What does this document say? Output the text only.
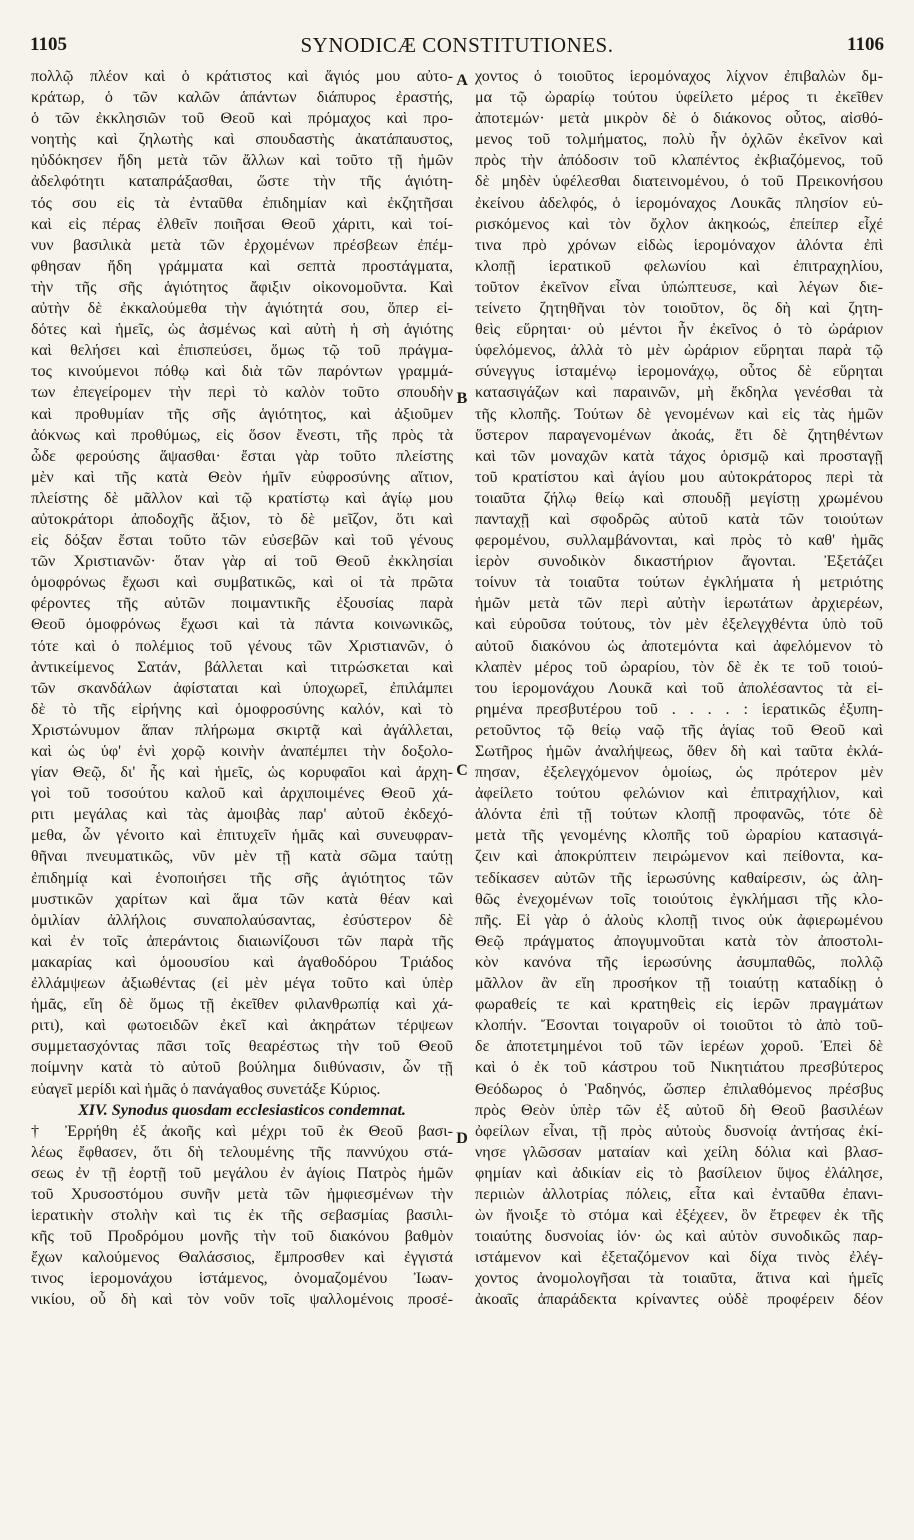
1105	SYNODICÆ CONSTITUTIONES.	1106
πολλῷ πλέον καὶ ὁ κράτιστος καὶ ἅγιός μου αὐτο-
κράτωρ, ὁ τῶν καλῶν ἁπάντων διάπυρος ἐραστής,
ὁ τῶν ἐκκλησιῶν τοῦ Θεοῦ καὶ πρόμαχος καὶ προ-
νοητὴς καὶ ζηλωτὴς καὶ σπουδαστὴς ἀκατάπαυστος,
ηὐδόκησεν ἤδη μετὰ τῶν ἄλλων καὶ τοῦτο τῇ ἡμῶν
ἀδελφότητι καταπράξασθαι, ὥστε τὴν τῆς ἁγιότη-
τός σου εἰς τὰ ἐνταῦθα ἐπιδημίαν καὶ ἐκζητῆσαι
καὶ εἰς πέρας ἐλθεῖν ποιῆσαι Θεοῦ χάριτι, καὶ τοί-
νυν βασιλικὰ μετὰ τῶν ἐρχομένων πρέσβεων ἐπέμ-
φθησαν ἤδη γράμματα καὶ σεπτὰ προστάγματα,
τὴν τῆς σῆς ἁγιότητος ἄφιξιν οἰκονομοῦντα. Καὶ
αὐτὴν δὲ ἐκκαλούμεθα τὴν ἁγιότητά σου, ὅπερ εἰ-
δότες καὶ ἡμεῖς, ὡς ἀσμένως καὶ αὐτὴ ἡ σὴ ἁγιότης
καὶ θελήσει καὶ ἐπισπεύσει, ὅμως τῷ τοῦ πράγμα-
τος κινούμενοι πόθῳ καὶ διὰ τῶν παρόντων γραμμά-
των ἐπεγείρομεν τὴν περὶ τὸ καλὸν τοῦτο σπουδὴν
καὶ προθυμίαν τῆς σῆς ἁγιότητος, καὶ ἀξιοῦμεν
ἀόκνως καὶ προθύμως, εἰς ὅσον ἔνεστι, τῆς πρὸς τὰ
ὧδε φερούσης ἅψασθαι· ἔσται γὰρ τοῦτο πλείστης
μὲν καὶ τῆς κατὰ Θεὸν ἡμῖν εὐφροσύνης αἴτιον,
πλείστης δὲ μᾶλλον καὶ τῷ κρατίστῳ καὶ ἁγίῳ μου
αὐτοκράτορι ἀποδοχῆς ἄξιον, τὸ δὲ μεῖζον, ὅτι καὶ
εἰς δόξαν ἔσται τοῦτο τῶν εὐσεβῶν καὶ τοῦ γένους
τῶν Χριστιανῶν· ὅταν γὰρ αἱ τοῦ Θεοῦ ἐκκλησίαι
ὁμοφρόνως ἔχωσι καὶ συμβατικῶς, καὶ οἱ τὰ πρῶτα
φέροντες τῆς αὐτῶν ποιμαντικῆς ἐξουσίας παρὰ
Θεοῦ ὁμοφρόνως ἔχωσι καὶ τὰ πάντα κοινωνικῶς,
τότε καὶ ὁ πολέμιος τοῦ γένους τῶν Χριστιανῶν, ὁ
ἀντικείμενος Σατάν, βάλλεται καὶ τιτρώσκεται καὶ
τῶν σκανδάλων ἀφίσταται καὶ ὑποχωρεῖ, ἐπιλάμπει
δὲ τὸ τῆς εἰρήνης καὶ ὁμοφροσύνης καλόν, καὶ τὸ
Χριστώνυμον ἅπαν πλήρωμα σκιρτᾷ καὶ ἀγάλλεται,
καὶ ὡς ὑφ' ἑνὶ χορῷ κοινὴν ἀναπέμπει τὴν δοξολο-
γίαν Θεῷ, δι' ἧς καὶ ἡμεῖς, ὡς κορυφαῖοι καὶ ἀρχη-
γοὶ τοῦ τοσούτου καλοῦ καὶ ἀρχιποιμένες Θεοῦ χά-
ριτι μεγάλας καὶ τὰς ἀμοιβὰς παρ' αὐτοῦ ἐκδεχό-
μεθα, ὧν γένοιτο καὶ ἐπιτυχεῖν ἡμᾶς καὶ συνευφραν-
θῆναι πνευματικῶς, νῦν μὲν τῇ κατὰ σῶμα ταύτῃ
ἐπιδημίᾳ καὶ ἑνοποιήσει τῆς σῆς ἁγιότητος τῶν
μυστικῶν χαρίτων καὶ ἅμα τῶν κατὰ θέαν καὶ
ὁμιλίαν ἀλλήλοις συναπολαύσαντας, ἐσύστερον δὲ
καὶ ἐν τοῖς ἀπεράντοις διαιωνίζουσι τῶν παρὰ τῆς
μακαρίας καὶ ὁμοουσίου καὶ ἀγαθοδόρου Τριάδος
ἐλλάμψεων ἀξιωθέντας (εἰ μὲν μέγα τοῦτο καὶ ὑπὲρ
ἡμᾶς, εἴη δὲ ὅμως τῇ ἐκεῖθεν φιλανθρωπίᾳ καὶ χά-
ριτι), καὶ φωτοειδῶν ἐκεῖ καὶ ἀκηράτων τέρψεων
συμμετασχόντας πᾶσι τοῖς θεαρέστως τὴν τοῦ Θεοῦ
ποίμνην κατὰ τὸ αὐτοῦ βούλημα διιθύνασιν, ὧν τῇ
εὐαγεῖ μερίδι καὶ ἡμᾶς ὁ πανάγαθος συνετάξε Κύριος.
XIV. Synodus quosdam ecclesiasticos condemnat.
† Ἐρρήθη ἐξ ἀκοῆς καὶ μέχρι τοῦ ἐκ Θεοῦ βασι-
λέως ἔφθασεν, ὅτι δὴ τελουμένης τῆς παννύχου στά-
σεως ἐν τῇ ἑορτῇ τοῦ μεγάλου ἐν ἁγίοις Πατρὸς ἡμῶν
τοῦ Χρυσοστόμου συνῆν μετὰ τῶν ἠμφιεσμένων τὴν
ἱερατικὴν στολὴν καὶ τις ἐκ τῆς σεβασμίας βασιλι-
κῆς τοῦ Προδρόμου μονῆς τὴν τοῦ διακόνου βαθμὸν
ἔχων καλούμενος Θαλάσσιος, ἔμπροσθεν καὶ ἐγγιστά
τινος ἱερομονάχου ἱστάμενος, ὀνομαζομένου Ἰωαν-
νικίου, οὗ δὴ καὶ τὸν νοῦν τοῖς ψαλλομένοις προσέ-
A
B
C
D
χοντος ὁ τοιοῦτος ἱερομόναχος λίχνον ἐπιβαλὼν δμ-
μα τῷ ὠραρίῳ τούτου ὑφείλετο μέρος τι ἐκεῖθεν
ἀποτεμών· μετὰ μικρὸν δὲ ὁ διάκονος οὗτος, αἰσθό-
μενος τοῦ τολμήματος, πολὺ ἦν ὀχλῶν ἐκεῖνον καὶ
πρὸς τὴν ἀπόδοσιν τοῦ κλαπέντος ἐκβιαζόμενος, τοῦ
δὲ μηδὲν ὑφέλεσθαι διατεινομένου, ὁ τοῦ Πρεικονήσου
ἐκείνου ἀδελφός, ὁ ἱερομόναχος Λουκᾶς πλησίον εὑ-
ρισκόμενος καὶ τὸν ὄχλον ἀκηκοώς, ἐπείπερ εἶχέ
τινα πρὸ χρόνων εἰδὼς ἱερομόναχον ἁλόντα ἐπὶ
κλοπῇ ἱερατικοῦ φελωνίου καὶ ἐπιτραχηλίου,
τοῦτον ἐκεῖνον εἶναι ὑπώπτευσε, καὶ λέγων διε-
τείνετο ζητηθῆναι τὸν τοιοῦτον, ὃς δὴ καὶ ζητη-
θεὶς εὕρηται· οὐ μέντοι ἦν ἐκεῖνος ὁ τὸ ὠράριον
ὑφελόμενος, ἀλλὰ τὸ μὲν ὠράριον εὕρηται παρὰ τῷ
σύνεγγυς ἱσταμένῳ ἱερομονάχῳ, οὗτος δὲ εὕρηται
κατασιγάζων καὶ παραινῶν, μὴ ἔκδηλα γενέσθαι τὰ
τῆς κλοπῆς. Τούτων δὲ γενομένων καὶ εἰς τὰς ἡμῶν
ὕστερον παραγενομένων ἀκοάς, ἔτι δὲ ζητηθέντων
καὶ τῶν μοναχῶν κατὰ τάχος ὁρισμῷ καὶ προσταγῇ
τοῦ κρατίστου καὶ ἁγίου μου αὐτοκράτορος περὶ τὰ
τοιαῦτα ζήλῳ θείῳ καὶ σπουδῇ μεγίστῃ χρωμένου
πανταχῇ καὶ σφοδρῶς αὐτοῦ κατὰ τῶν τοιούτων
φερομένου, συλλαμβάνονται, καὶ πρὸς τὸ καθ' ἡμᾶς
ἱερὸν συνοδικὸν δικαστήριον ἄγονται. Ἐξετάζει
τοίνυν τὰ τοιαῦτα τούτων ἐγκλήματα ἡ μετριότης
ἡμῶν μετὰ τῶν περὶ αὐτὴν ἱερωτάτων ἀρχιερέων,
καὶ εὑροῦσα τούτους, τὸν μὲν ἐξελεγχθέντα ὑπὸ τοῦ
αὐτοῦ διακόνου ὡς ἀποτεμόντα καὶ ἀφελόμενον τὸ
κλαπὲν μέρος τοῦ ὠραρίου, τὸν δὲ ἐκ τε τοῦ τοιού-
του ἱερομονάχου Λουκᾶ καὶ τοῦ ἀπολέσαντος τὰ εἰ-
ρημένα πρεσβυτέρου τοῦ . . . . : ἱερατικῶς ἐξυπη-
ρετοῦντος τῷ θείῳ ναῷ τῆς ἁγίας τοῦ Θεοῦ καὶ
Σωτῆρος ἡμῶν ἀναλήψεως, ὅθεν δὴ καὶ ταῦτα ἐκλά-
πησαν, ἐξελεγχόμενον ὁμοίως, ὡς πρότερον μὲν
ἀφείλετο τούτου φελώνιον καὶ ἐπιτραχήλιον, καὶ
ἁλόντα ἐπὶ τῇ τούτων κλοπῇ προφανῶς, τότε δὲ
μετὰ τῆς γενομένης κλοπῆς τοῦ ὠραρίου κατασιγά-
ζειν καὶ ἀποκρύπτειν πειρώμενον καὶ πείθοντα, κα-
τεδίκασεν αὐτῶν τῆς ἱερωσύνης καθαίρεσιν, ὡς ἀλη-
θῶς ἐνεχομένων τοῖς τοιούτοις ἐγκλήμασι τῆς κλο-
πῆς. Εἰ γὰρ ὁ ἁλοὺς κλοπῇ τινος οὐκ ἀφιερωμένου
Θεῷ πράγματος ἀπογυμνοῦται κατὰ τὸν ἀποστολι-
κὸν κανόνα τῆς ἱερωσύνης ἀσυμπαθῶς, πολλῷ
μᾶλλον ἂν εἴη προσήκον τῇ τοιαύτῃ καταδίκῃ ὁ
φωραθείς τε καὶ κρατηθεὶς εἰς ἱερῶν πραγμάτων
κλοπήν. Ἔσονται τοιγαροῦν οἱ τοιοῦτοι τὸ ἀπὸ τοῦ-
δε ἀποτετμημένοι τοῦ τῶν ἱερέων χοροῦ. Ἐπεὶ δὲ
καὶ ὁ ἐκ τοῦ κάστρου τοῦ Νικητιάτου πρεσβύτερος
Θεόδωρος ὁ Ῥαδηνός, ὥσπερ ἐπιλαθόμενος πρέσβυς
πρὸς Θεὸν ὑπὲρ τῶν ἐξ αὐτοῦ δὴ Θεοῦ βασιλέων
ὀφείλων εἶναι, τῇ πρὸς αὐτοὺς δυσνοίᾳ ἀντήσας ἐκί-
νησε γλῶσσαν ματαίαν καὶ χείλη δόλια καὶ βλασ-
φημίαν καὶ ἀδικίαν εἰς τὸ βασίλειον ὕψος ἐλάλησε,
περιιὼν ἀλλοτρίας πόλεις, εἶτα καὶ ἐνταῦθα ἐπανι-
ὼν ἤνοιξε τὸ στόμα καὶ ἐξέχεεν, ὃν ἔτρεφεν ἐκ τῆς
τοιαύτης δυσνοίας ἰόν· ὡς καὶ αὐτὸν συνοδικῶς παρ-
ιστάμενον καὶ ἐξεταζόμενον καὶ δίχα τινὸς ἐλέγ-
χοντος ἀνομολογῆσαι τὰ τοιαῦτα, ἅτινα καὶ ἡμεῖς
ἀκοαῖς ἀπαράδεκτα κρίναντες οὐδὲ προφέρειν δέον
